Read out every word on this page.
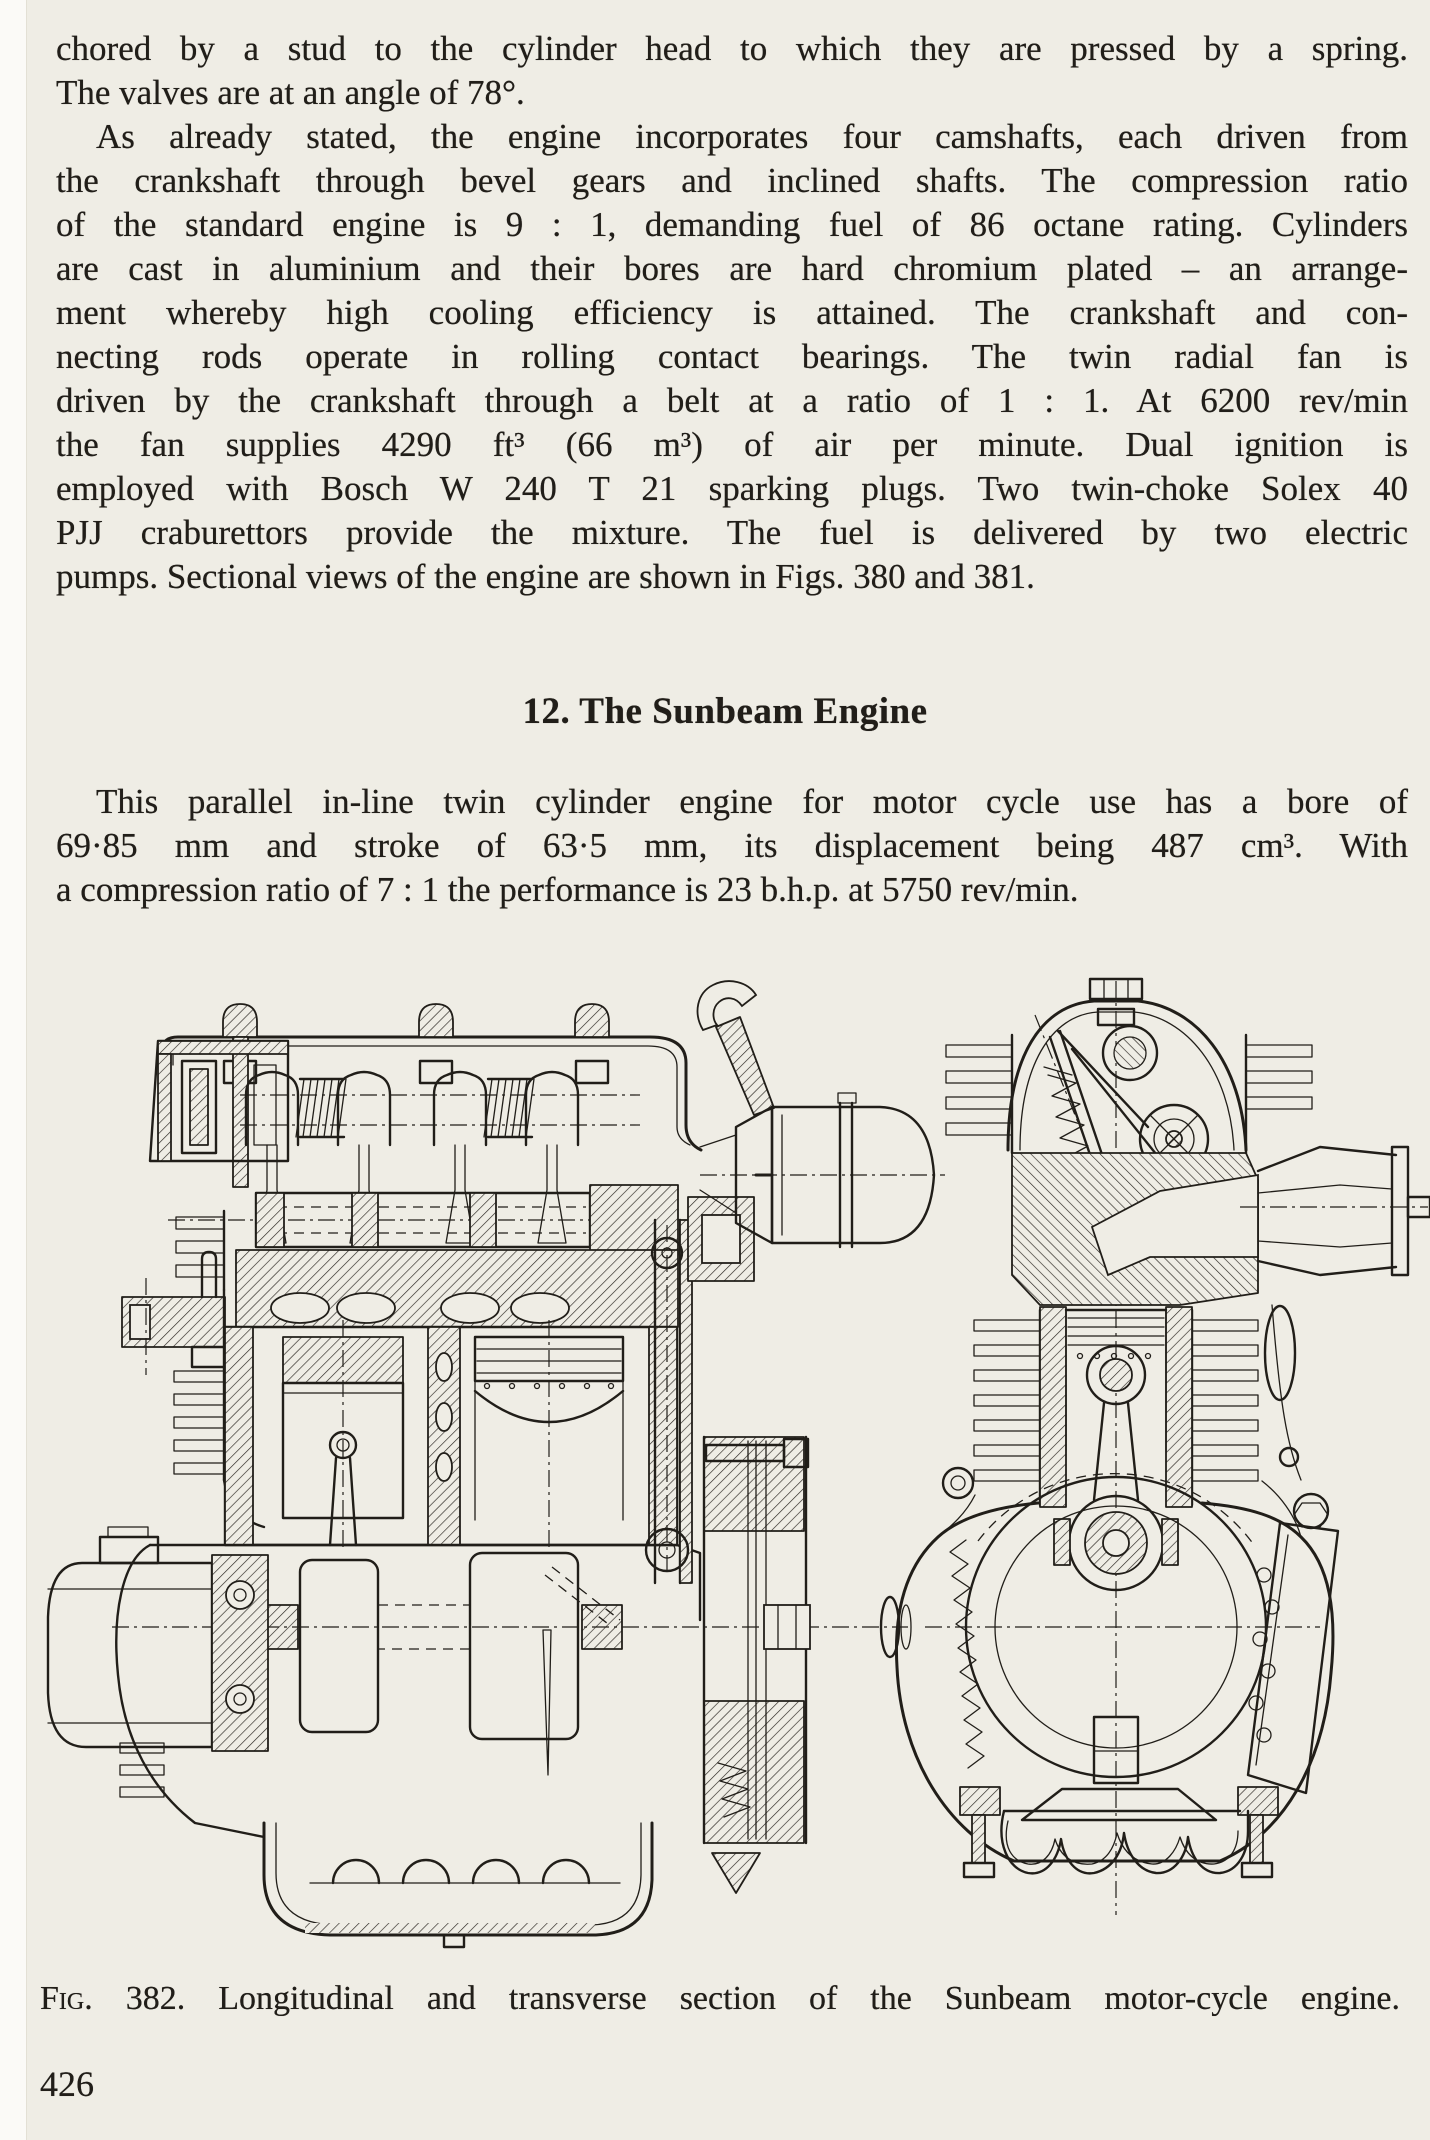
chored by a stud to the cylinder head to which they are pressed by a spring.
The valves are at an angle of 78°.
As already stated, the engine incorporates four camshafts, each driven from
the crankshaft through bevel gears and inclined shafts. The compression ratio
of the standard engine is 9 : 1, demanding fuel of 86 octane rating. Cylinders
are cast in aluminium and their bores are hard chromium plated – an arrange-
ment whereby high cooling efficiency is attained. The crankshaft and con-
necting rods operate in rolling contact bearings. The twin radial fan is
driven by the crankshaft through a belt at a ratio of 1 : 1. At 6200 rev/min
the fan supplies 4290 ft³ (66 m³) of air per minute. Dual ignition is
employed with Bosch W 240 T 21 sparking plugs. Two twin-choke Solex 40
PJJ craburettors provide the mixture. The fuel is delivered by two electric
pumps. Sectional views of the engine are shown in Figs. 380 and 381.
12. The Sunbeam Engine
This parallel in-line twin cylinder engine for motor cycle use has a bore of
69·85 mm and stroke of 63·5 mm, its displacement being 487 cm³. With
a compression ratio of 7 : 1 the performance is 23 b.h.p. at 5750 rev/min.
Fig. 382. Longitudinal and transverse section of the Sunbeam motor-cycle engine.
426
